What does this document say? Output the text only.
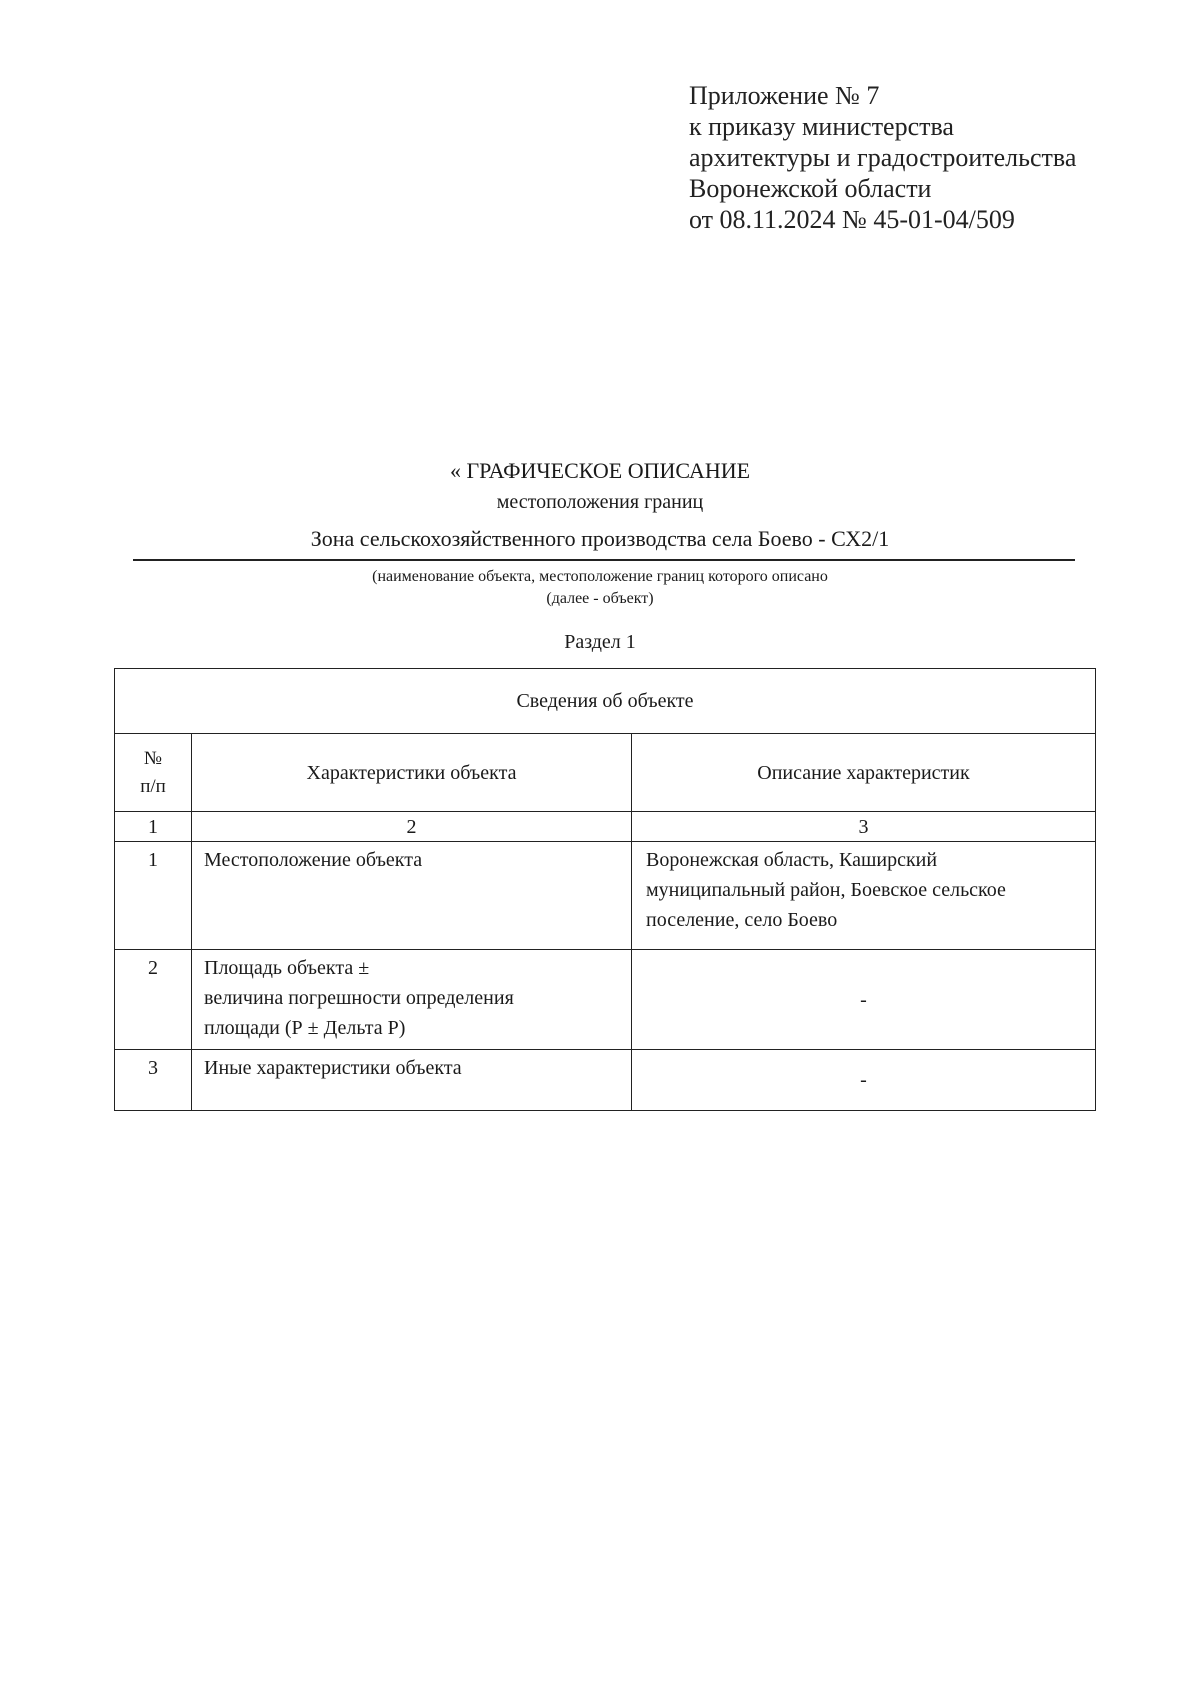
Приложение № 7
к приказу министерства
архитектуры и градостроительства
Воронежской области
от 08.11.2024 № 45-01-04/509
« ГРАФИЧЕСКОЕ ОПИСАНИЕ
местоположения границ
Зона сельскохозяйственного производства села Боево - СХ2/1
(наименование объекта, местоположение границ которого описано
(далее - объект)
Раздел 1
Сведения об объекте		

№
п/п	Характеристики объекта	Описание характеристик
1	2	3
1	Местоположение объекта	Воронежская область, Каширский
муниципальный район, Боевское сельское
поселение, село Боево

2	Площадь объекта ±
величина погрешности определения
площади (Р ± Дельта Р)	-
3	Иные характеристики объекта	-
